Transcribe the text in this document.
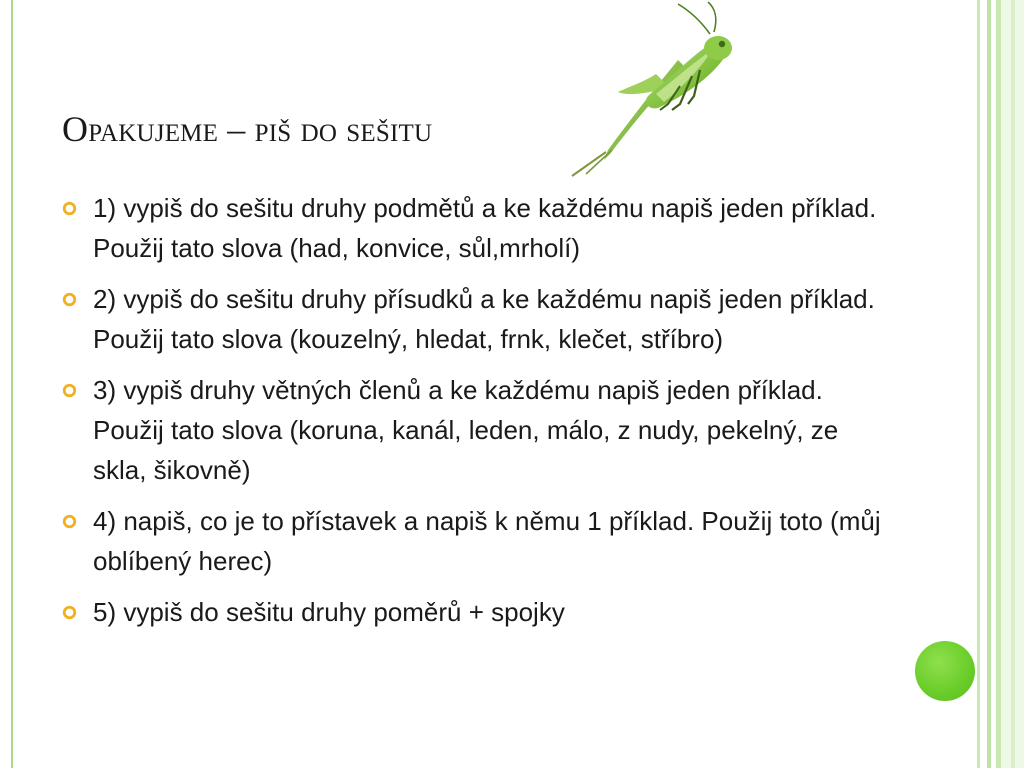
Opakujeme – piš do sešitu
1) vypiš do sešitu druhy podmětů a ke každému napiš jeden příklad. Použij tato slova (had, konvice, sůl,mrholí)
2) vypiš do sešitu druhy přísudků a ke každému napiš jeden příklad. Použij tato slova (kouzelný, hledat, frnk, klečet, stříbro)
3) vypiš druhy větných členů a ke každému napiš jeden příklad. Použij tato slova (koruna, kanál, leden, málo, z nudy, pekelný, ze skla, šikovně)
4) napiš, co je to přístavek a napiš k němu 1 příklad. Použij toto (můj oblíbený herec)
5) vypiš do sešitu druhy poměrů + spojky
